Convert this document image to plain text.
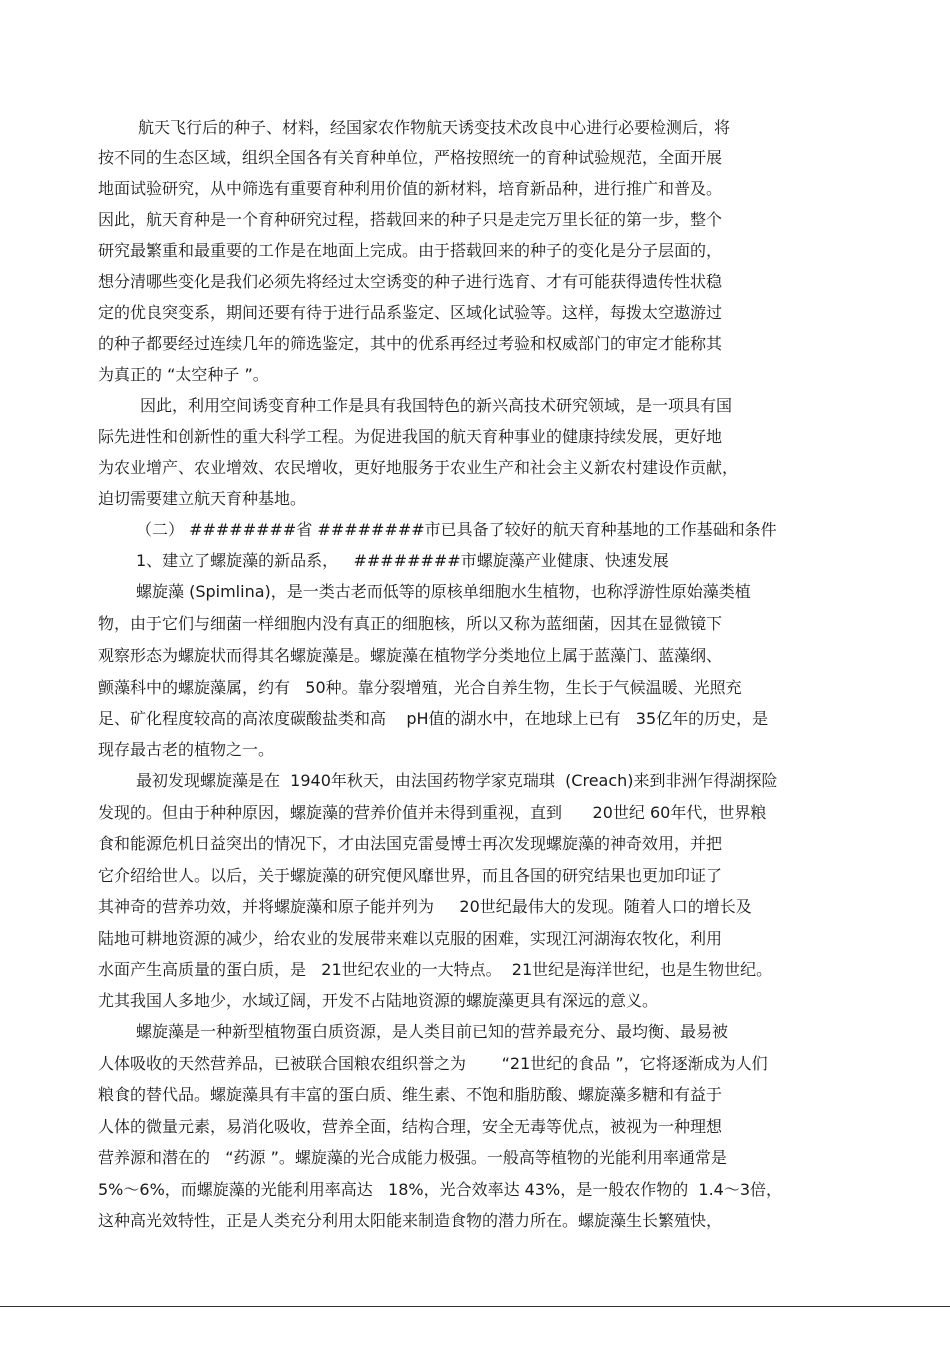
航天飞行后的种子、材料，经国家农作物航天诱变技术改良中心进行必要检测后，将
按不同的生态区域，组织全国各有关育种单位，严格按照统一的育种试验规范，全面开展
地面试验研究，从中筛选有重要育种利用价值的新材料，培育新品种，进行推广和普及。
因此，航天育种是一个育种研究过程，搭载回来的种子只是走完万里长征的第一步，整个
研究最繁重和最重要的工作是在地面上完成。由于搭载回来的种子的变化是分子层面的，
想分清哪些变化是我们必须先将经过太空诱变的种子进行选育、才有可能获得遗传性状稳
定的优良突变系，期间还要有待于进行品系鉴定、区域化试验等。这样，每拨太空遨游过
的种子都要经过连续几年的筛选鉴定，其中的优系再经过考验和权威部门的审定才能称其
为真正的 “太空种子 ”。
因此，利用空间诱变育种工作是具有我国特色的新兴高技术研究领域，是一项具有国
际先进性和创新性的重大科学工程。为促进我国的航天育种事业的健康持续发展，更好地
为农业增产、农业增效、农民增收，更好地服务于农业生产和社会主义新农村建设作贡献，
迫切需要建立航天育种基地。
（二） ########省 ########市已具备了较好的航天育种基地的工作基础和条件
1、建立了螺旋藻的新品系，   ########市螺旋藻产业健康、快速发展
螺旋藻 (Spimlina)，是一类古老而低等的原核单细胞水生植物，也称浮游性原始藻类植
物，由于它们与细菌一样细胞内没有真正的细胞核，所以又称为蓝细菌，因其在显微镜下
观察形态为螺旋状而得其名螺旋藻是。螺旋藻在植物学分类地位上属于蓝藻门、蓝藻纲、
颤藻科中的螺旋藻属，约有   50种。靠分裂增殖，光合自养生物，生长于气候温暖、光照充
足、矿化程度较高的高浓度碳酸盐类和高    pH值的湖水中，在地球上已有   35亿年的历史，是
现存最古老的植物之一。
最初发现螺旋藻是在  1940年秋天，由法国药物学家克瑞琪  (Creach)来到非洲乍得湖探险
发现的。但由于种种原因，螺旋藻的营养价值并未得到重视，直到      20世纪 60年代，世界粮
食和能源危机日益突出的情况下，才由法国克雷曼博士再次发现螺旋藻的神奇效用，并把
它介绍给世人。以后，关于螺旋藻的研究便风靡世界，而且各国的研究结果也更加印证了
其神奇的营养功效，并将螺旋藻和原子能并列为     20世纪最伟大的发现。随着人口的增长及
陆地可耕地资源的减少，给农业的发展带来难以克服的困难，实现江河湖海农牧化，利用
水面产生高质量的蛋白质，是   21世纪农业的一大特点。  21世纪是海洋世纪，也是生物世纪。
尤其我国人多地少，水域辽阔，开发不占陆地资源的螺旋藻更具有深远的意义。
螺旋藻是一种新型植物蛋白质资源，是人类目前已知的营养最充分、最均衡、最易被
人体吸收的天然营养品，已被联合国粮农组织誉之为       “21世纪的食品 ”，它将逐渐成为人们
粮食的替代品。螺旋藻具有丰富的蛋白质、维生素、不饱和脂肪酸、螺旋藻多糖和有益于
人体的微量元素，易消化吸收，营养全面，结构合理，安全无毒等优点，被视为一种理想
营养源和潜在的   “药源 ”。螺旋藻的光合成能力极强。一般高等植物的光能利用率通常是
5%～6%，而螺旋藻的光能利用率高达   18%，光合效率达 43%，是一般农作物的  1.4～3倍，
这种高光效特性，正是人类充分利用太阳能来制造食物的潜力所在。螺旋藻生长繁殖快，
